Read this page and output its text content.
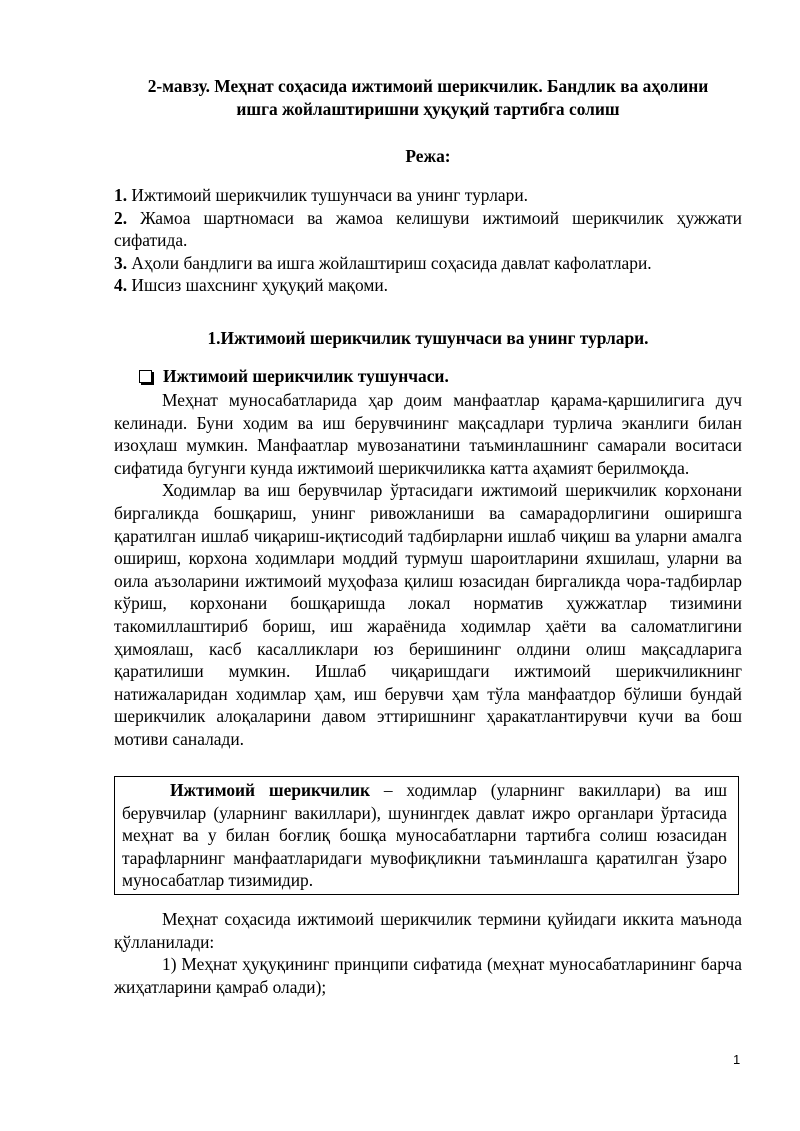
2-мавзу. Меҳнат соҳасида ижтимоий шерикчилик. Бандлик ва аҳолини
ишга жойлаштиришни ҳуқуқий тартибга солиш
Режа:

1. Ижтимоий шерикчилик тушунчаси ва унинг турлари.

2. Жамоа шартномаси ва жамоа келишуви ижтимоий шерикчилик ҳужжати сифатида.

3. Аҳоли бандлиги ва ишга жойлаштириш соҳасида давлат кафолатлари.

4. Ишсиз шахснинг ҳуқуқий мақоми.

1.Ижтимоий шерикчилик тушунчаси ва унинг турлари.
Ижтимоий шерикчилик тушунчаси.

Меҳнат муносабатларида ҳар доим манфаатлар қарама-қаршилигига дуч келинади. Буни ходим ва иш берувчининг мақсадлари турлича эканлиги билан изоҳлаш мумкин. Манфаатлар мувозанатини таъминлашнинг самарали воситаси сифатида бугунги кунда ижтимоий шерикчиликка катта аҳамият берилмоқда.

Ходимлар ва иш берувчилар ўртасидаги ижтимоий шерикчилик корхонани биргаликда бошқариш, унинг ривожланиши ва самарадорлигини оширишга қаратилган ишлаб чиқариш-иқтисодий тадбирларни ишлаб чиқиш ва уларни амалга ошириш, корхона ходимлари моддий турмуш шароитларини яхшилаш, уларни ва оила аъзоларини ижтимоий муҳофаза қилиш юзасидан биргаликда чора-тадбирлар кўриш, корхонани бошқаришда локал норматив ҳужжатлар тизимини такомиллаштириб бориш, иш жараёнида ходимлар ҳаёти ва саломатлигини ҳимоялаш, касб касалликлари юз беришининг олдини олиш мақсадларига қаратилиши мумкин. Ишлаб чиқаришдаги ижтимоий шерикчиликнинг натижаларидан ходимлар ҳам, иш берувчи ҳам тўла манфаатдор бўлиши бундай шерикчилик алоқаларини давом эттиришнинг ҳаракатлантирувчи кучи ва бош мотиви саналади.

Ижтимоий шерикчилик – ходимлар (уларнинг вакиллари) ва иш берувчилар (уларнинг вакиллари), шунингдек давлат ижро органлари ўртасида меҳнат ва у билан боғлиқ бошқа муносабатларни тартибга солиш юзасидан тарафларнинг манфаатларидаги мувофиқликни таъминлашга қаратилган ўзаро муносабатлар тизимидир.

Меҳнат соҳасида ижтимоий шерикчилик термини қуйидаги иккита маънода қўлланилади:

1) Меҳнат ҳуқуқининг принципи сифатида (меҳнат муносабатларининг барча жиҳатларини қамраб олади);

1
